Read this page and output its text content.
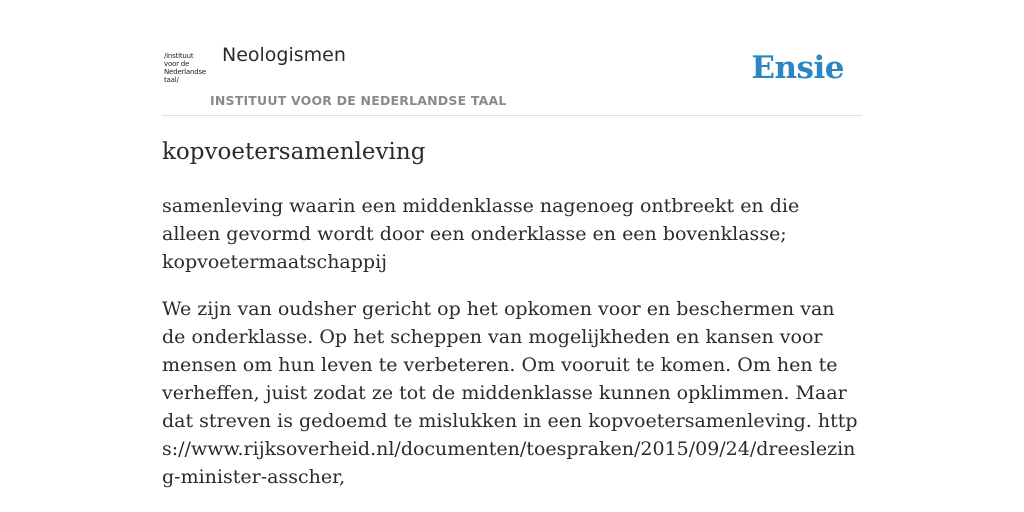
/instituut
voor de
Nederlandse
taal/
Neologismen
INSTITUUT VOOR DE NEDERLANDSE TAAL
Ensie
kopvoetersamenleving

samenleving waarin een middenklasse nagenoeg ontbreekt en die alleen gevormd wordt door een onderklasse en een bovenklasse; kopvoetermaatschappij

We zijn van oudsher gericht op het opkomen voor en beschermen van de onderklasse. Op het scheppen van mogelijkheden en kansen voor mensen om hun leven te verbeteren. Om vooruit te komen. Om hen te verheffen, juist zodat ze tot de middenklasse kunnen opklimmen. Maar dat streven is gedoemd te mislukken in een kopvoetersamenleving. https://www.rijksoverheid.nl/documenten/toespraken/2015/09/24/dreeslezing-minister-asscher,
